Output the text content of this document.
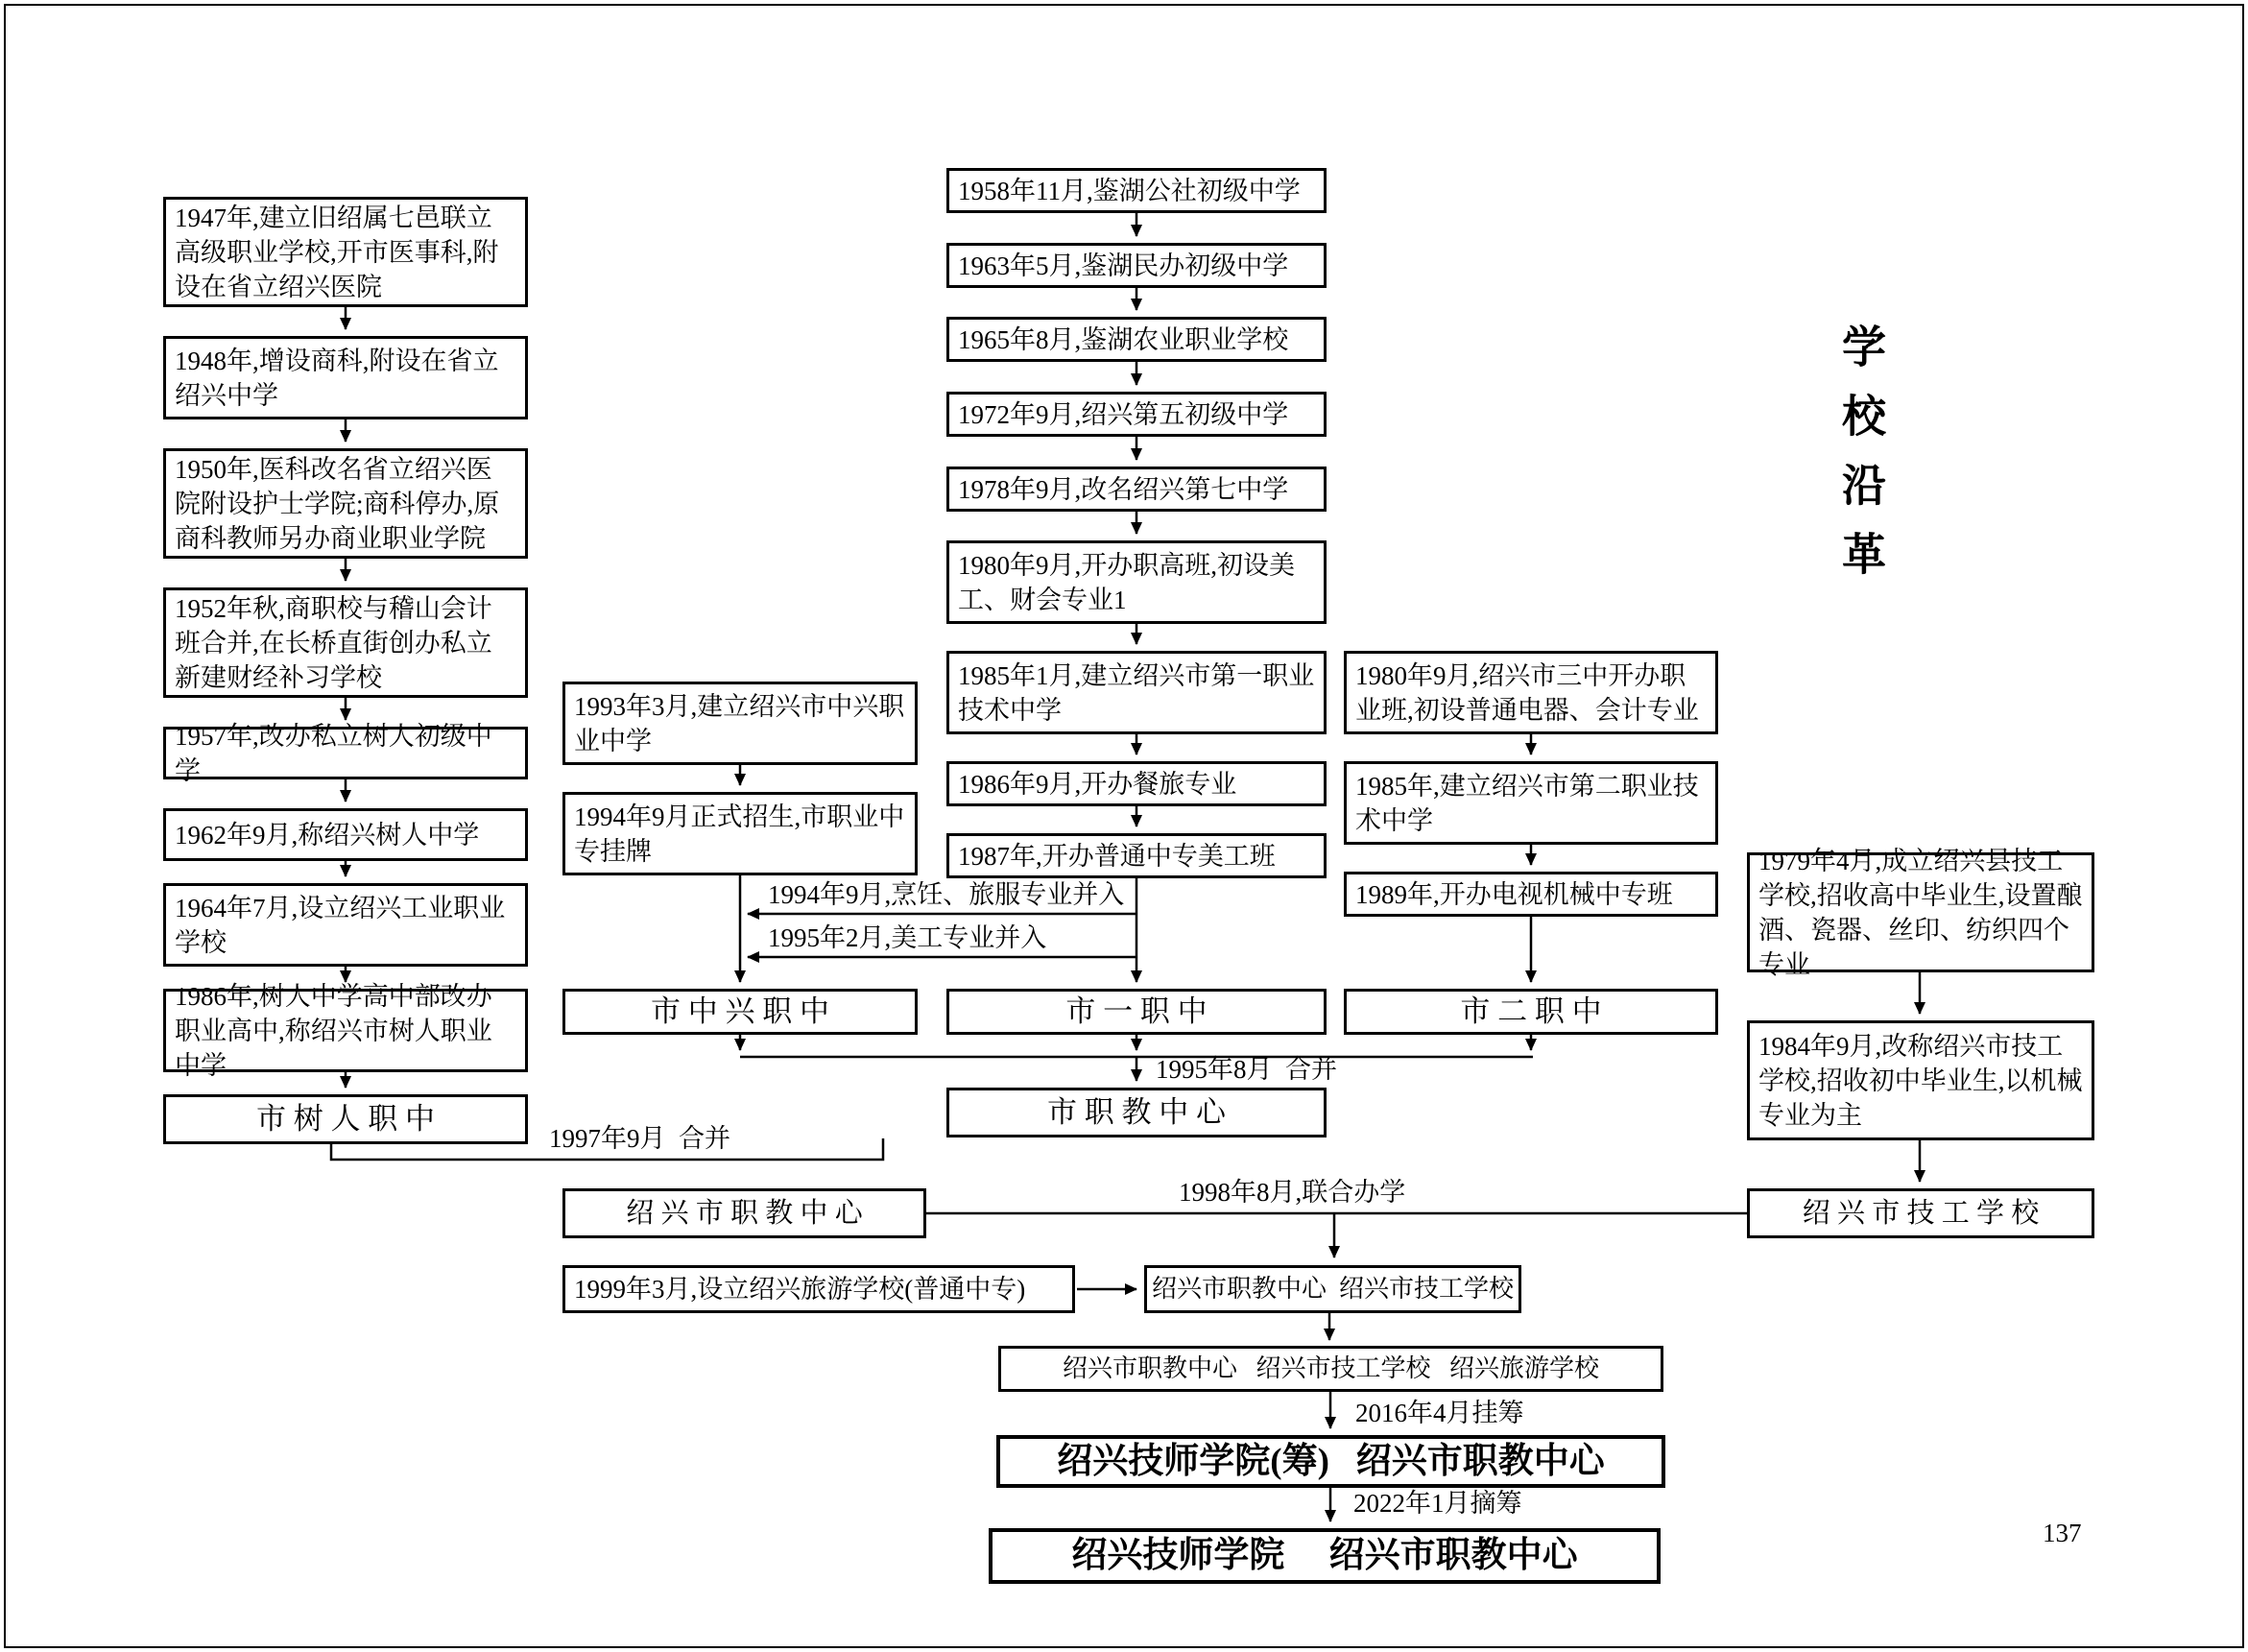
学校沿革
137
1947年,建立旧绍属七邑联立高级职业学校,开市医事科,附设在省立绍兴医院
1948年,增设商科,附设在省立绍兴中学
1950年,医科改名省立绍兴医院附设护士学院;商科停办,原商科教师另办商业职业学院
1952年秋,商职校与稽山会计班合并,在长桥直街创办私立新建财经补习学校
1957年,改办私立树人初级中学
1962年9月,称绍兴树人中学
1964年7月,设立绍兴工业职业学校
1986年,树人中学高中部改办职业高中,称绍兴市树人职业中学
市 树 人 职 中
1993年3月,建立绍兴市中兴职业中学
1994年9月正式招生,市职业中专挂牌
市 中 兴 职 中
1958年11月,鉴湖公社初级中学
1963年5月,鉴湖民办初级中学
1965年8月,鉴湖农业职业学校
1972年9月,绍兴第五初级中学
1978年9月,改名绍兴第七中学
1980年9月,开办职高班,初设美工、财会专业1
1985年1月,建立绍兴市第一职业技术中学
1986年9月,开办餐旅专业
1987年,开办普通中专美工班
市 一 职 中
市 职 教 中 心
1980年9月,绍兴市三中开办职业班,初设普通电器、会计专业
1985年,建立绍兴市第二职业技术中学
1989年,开办电视机械中专班
市 二 职 中
1979年4月,成立绍兴县技工学校,招收高中毕业生,设置酿酒、瓷器、丝印、纺织四个专业
1984年9月,改称绍兴市技工学校,招收初中毕业生,以机械专业为主
绍 兴 市 技 工 学 校
绍 兴 市 职 教 中 心
1999年3月,设立绍兴旅游学校(普通中专)	绍兴市职教中心  绍兴市技工学校
绍兴市职教中心   绍兴市技工学校   绍兴旅游学校
绍兴技师学院(筹)   绍兴市职教中心
绍兴技师学院     绍兴市职教中心
1994年9月,烹饪、旅服专业并入
1995年2月,美工专业并入
1995年8月  合并
1997年9月  合并
1998年8月,联合办学
2016年4月挂筹
2022年1月摘筹
